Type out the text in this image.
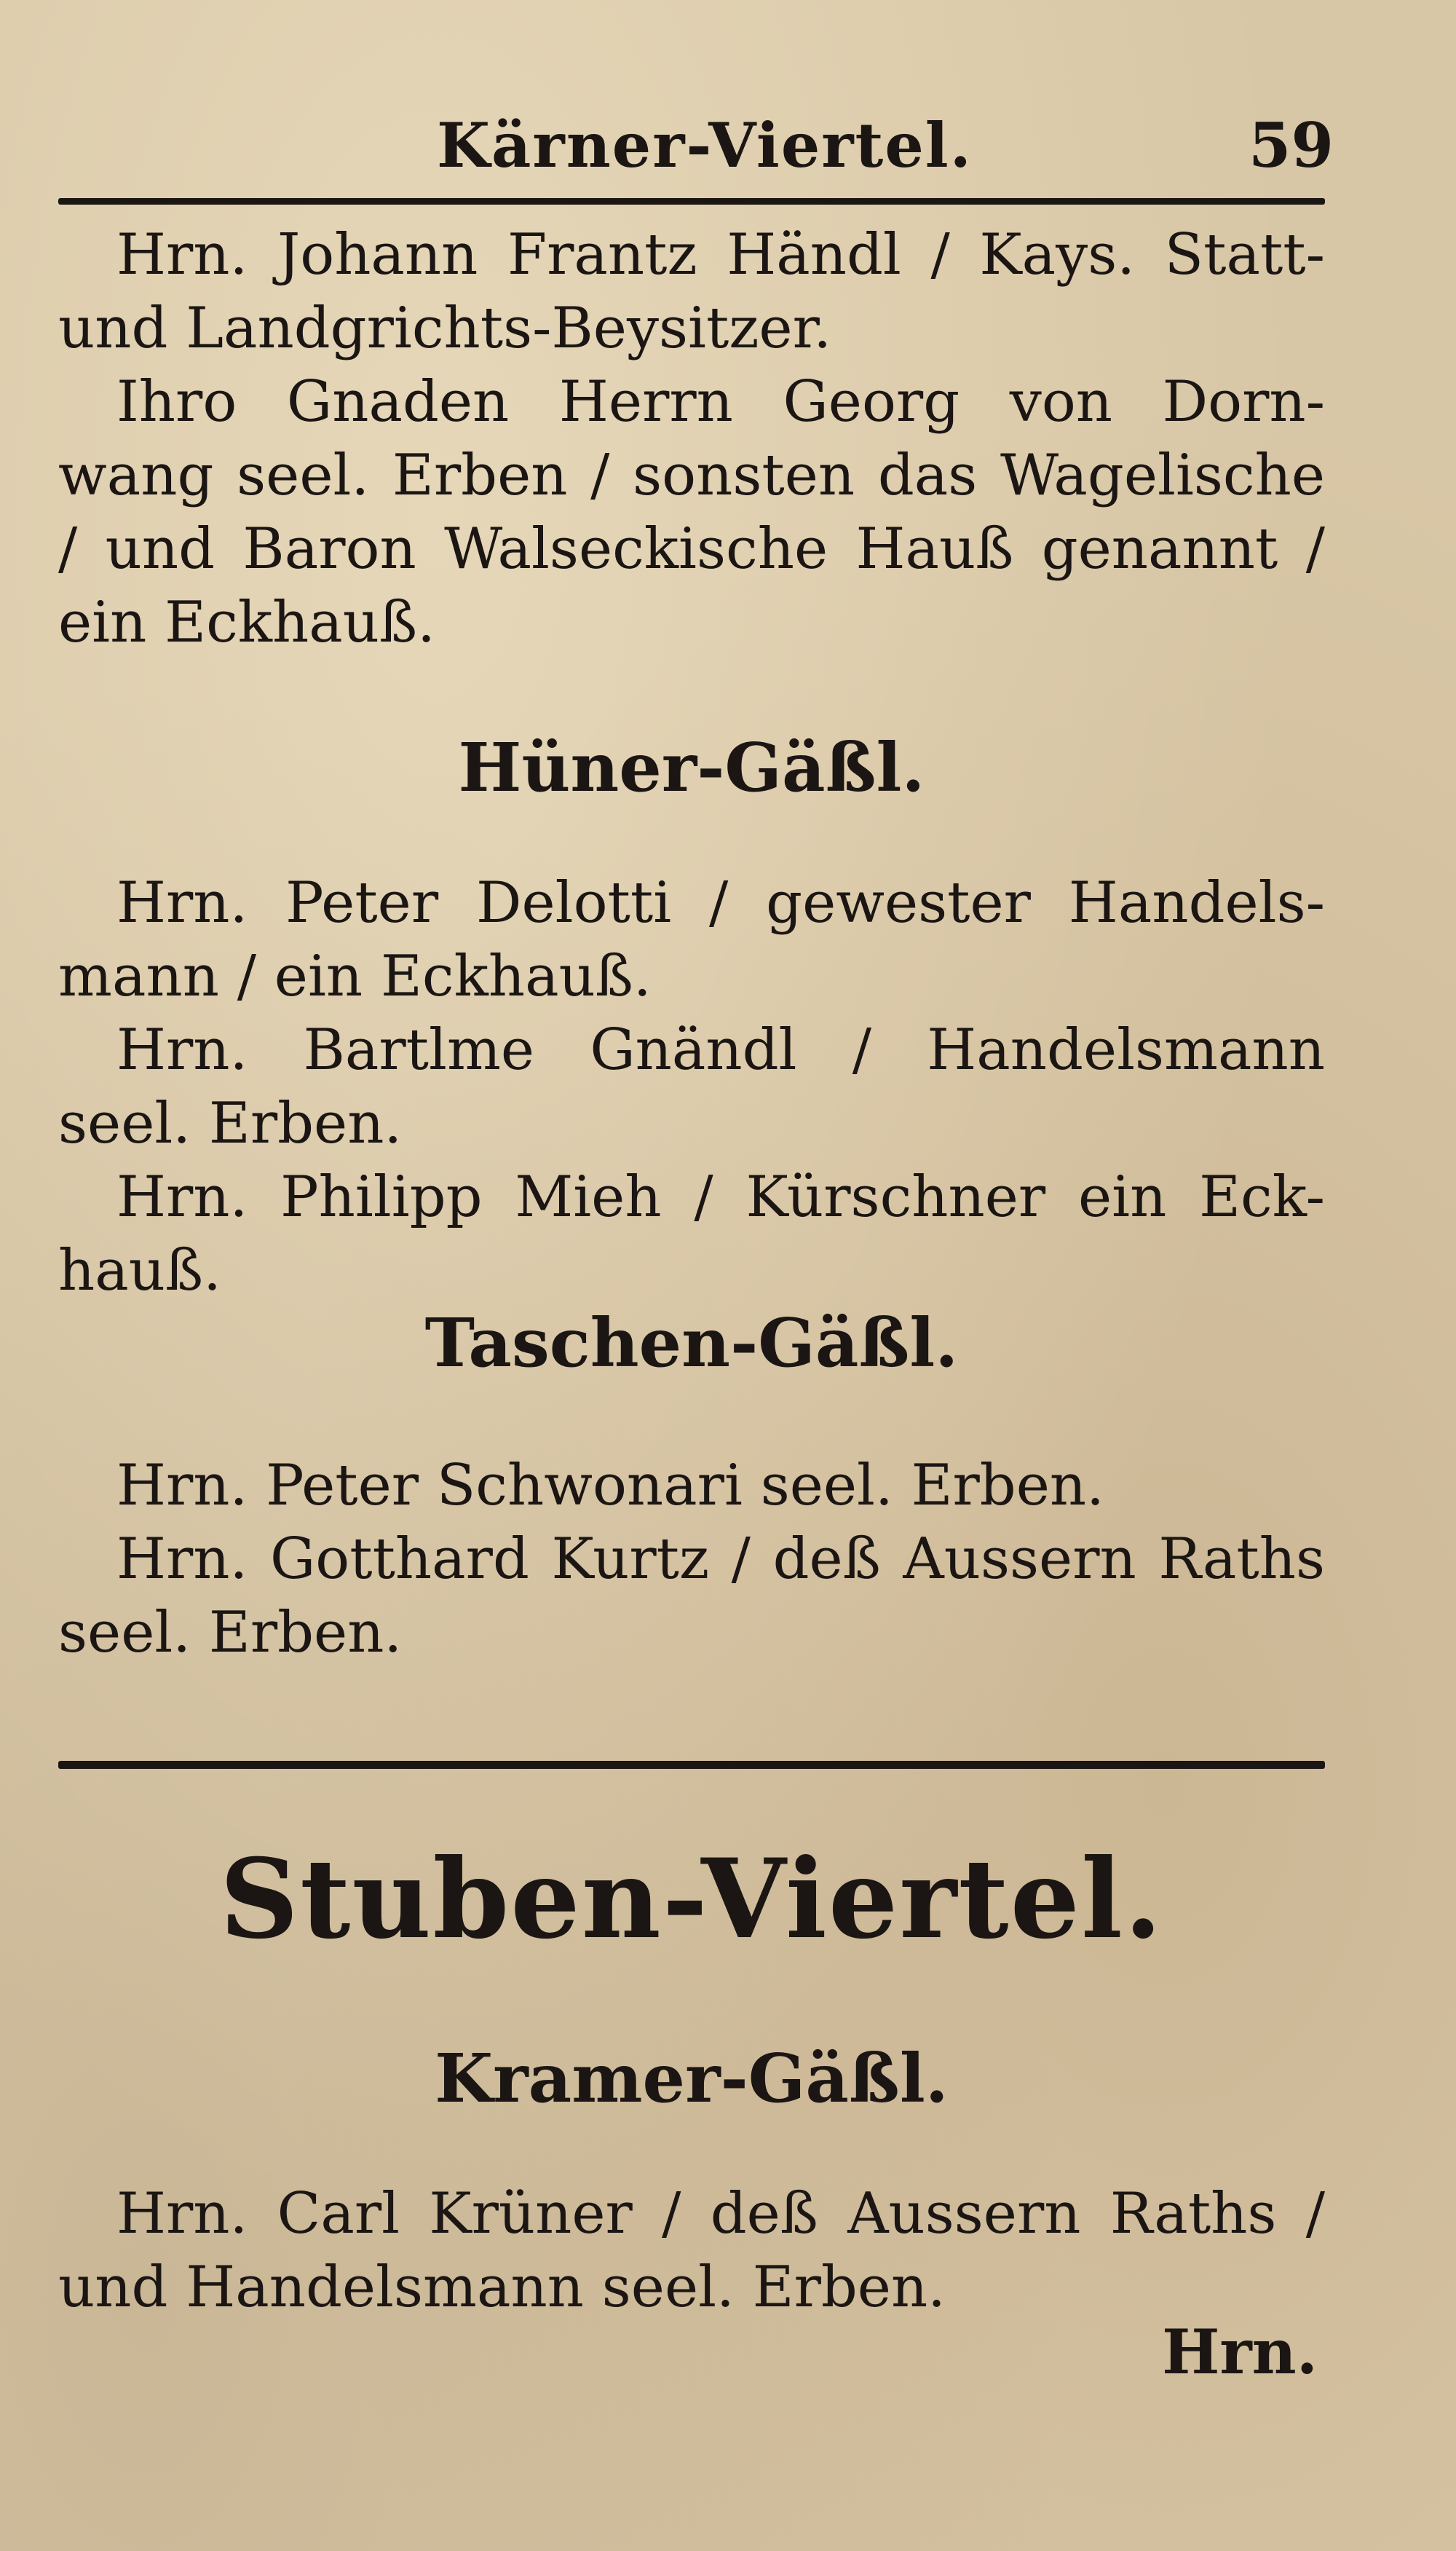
Kärner-Viertel.	59

Hrn. Johann Frantz Händl / Kays. Statt- und Landgrichts-Beysitzer.

Ihro Gnaden Herrn Georg von Dorn- wang seel. Erben / sonsten das Wagelische / und Baron Walseckische Hauß genannt / ein Eckhauß.

Hüner-Gäßl.

Hrn. Peter Delotti / gewester Handels- mann / ein Eckhauß.

Hrn. Bartlme Gnändl / Handelsmann seel. Erben.

Hrn. Philipp Mieh / Kürschner ein Eck- hauß.

Taschen-Gäßl.

Hrn. Peter Schwonari seel. Erben.

Hrn. Gotthard Kurtz / deß Aussern Raths seel. Erben.

Stuben-Viertel.
Kramer-Gäßl.

Hrn. Carl Krüner / deß Aussern Raths / und Handelsmann seel. Erben.

Hrn.
